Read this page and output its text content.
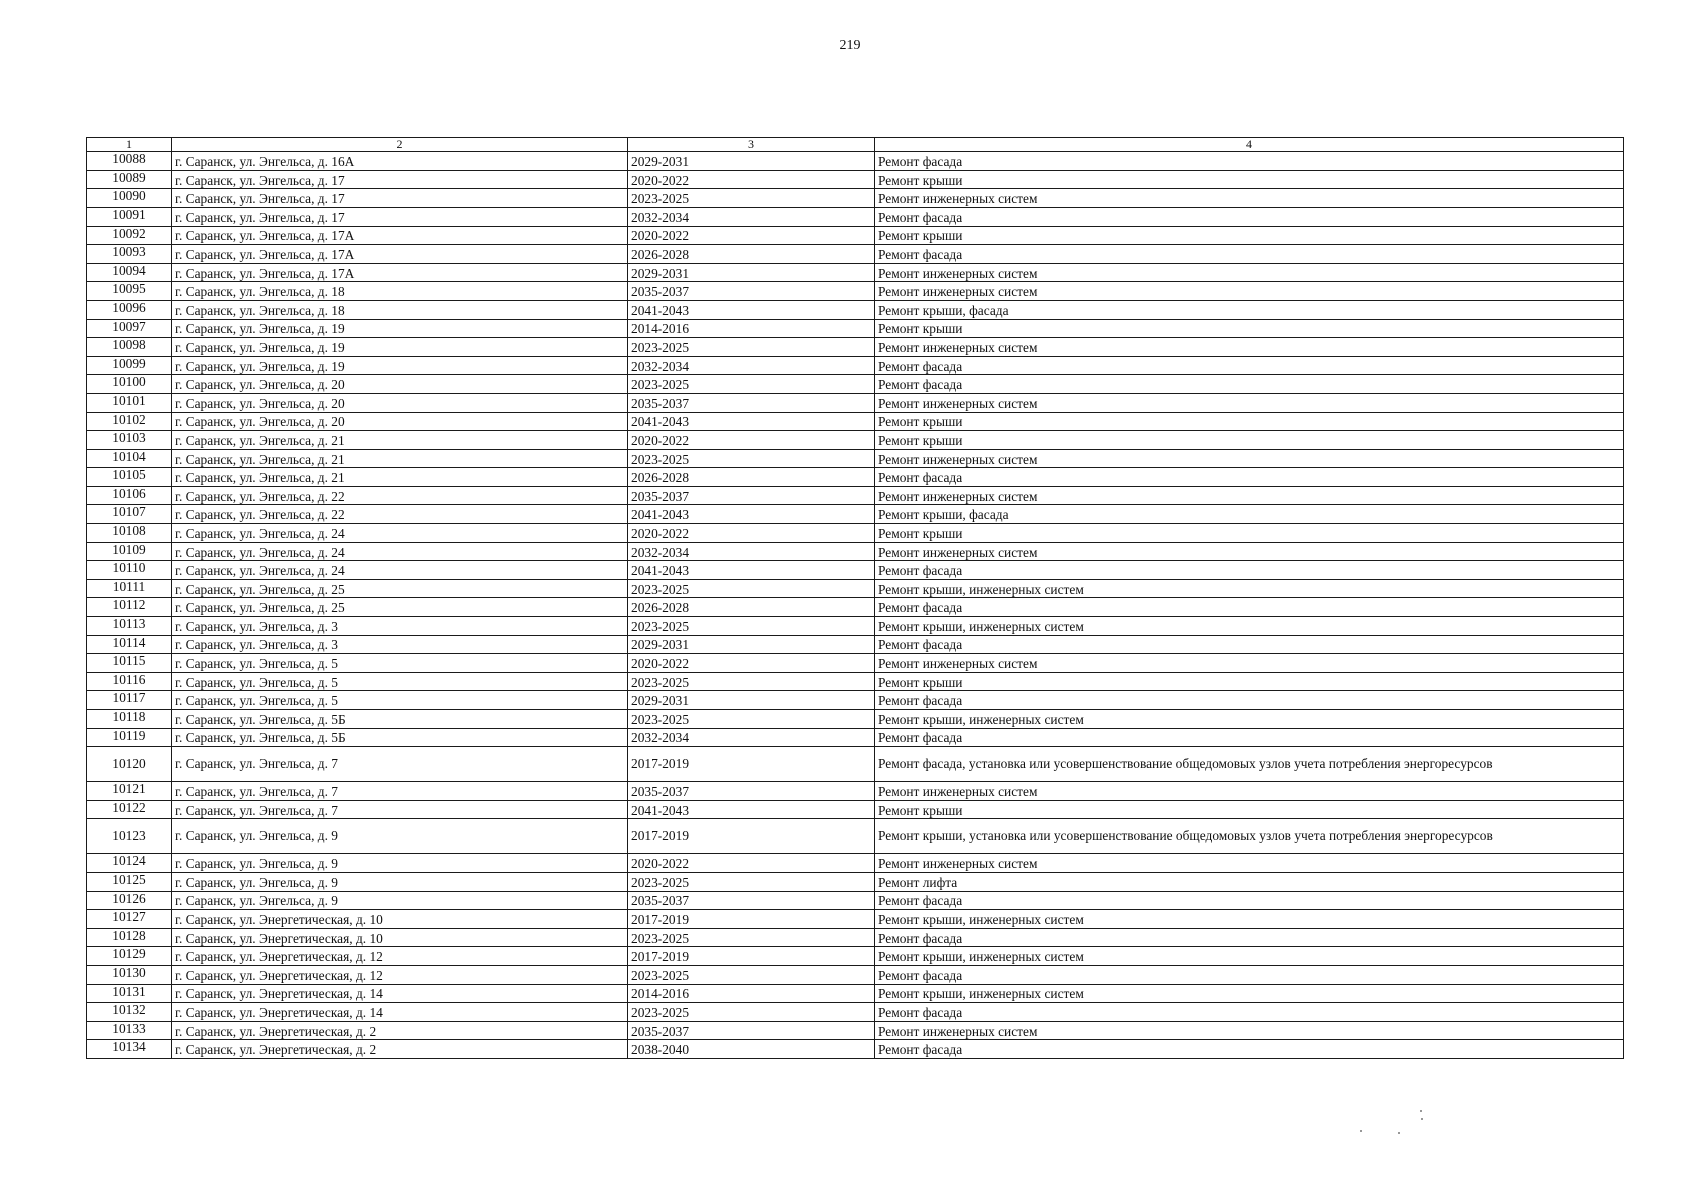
219
1	2	3	4
10088	г. Саранск, ул. Энгельса, д. 16А	2029-2031	Ремонт фасада
10089	г. Саранск, ул. Энгельса, д. 17	2020-2022	Ремонт крыши
10090	г. Саранск, ул. Энгельса, д. 17	2023-2025	Ремонт инженерных систем
10091	г. Саранск, ул. Энгельса, д. 17	2032-2034	Ремонт фасада
10092	г. Саранск, ул. Энгельса, д. 17А	2020-2022	Ремонт крыши
10093	г. Саранск, ул. Энгельса, д. 17А	2026-2028	Ремонт фасада
10094	г. Саранск, ул. Энгельса, д. 17А	2029-2031	Ремонт инженерных систем
10095	г. Саранск, ул. Энгельса, д. 18	2035-2037	Ремонт инженерных систем
10096	г. Саранск, ул. Энгельса, д. 18	2041-2043	Ремонт крыши, фасада
10097	г. Саранск, ул. Энгельса, д. 19	2014-2016	Ремонт крыши
10098	г. Саранск, ул. Энгельса, д. 19	2023-2025	Ремонт инженерных систем
10099	г. Саранск, ул. Энгельса, д. 19	2032-2034	Ремонт фасада
10100	г. Саранск, ул. Энгельса, д. 20	2023-2025	Ремонт фасада
10101	г. Саранск, ул. Энгельса, д. 20	2035-2037	Ремонт инженерных систем
10102	г. Саранск, ул. Энгельса, д. 20	2041-2043	Ремонт крыши
10103	г. Саранск, ул. Энгельса, д. 21	2020-2022	Ремонт крыши
10104	г. Саранск, ул. Энгельса, д. 21	2023-2025	Ремонт инженерных систем
10105	г. Саранск, ул. Энгельса, д. 21	2026-2028	Ремонт фасада
10106	г. Саранск, ул. Энгельса, д. 22	2035-2037	Ремонт инженерных систем
10107	г. Саранск, ул. Энгельса, д. 22	2041-2043	Ремонт крыши, фасада
10108	г. Саранск, ул. Энгельса, д. 24	2020-2022	Ремонт крыши
10109	г. Саранск, ул. Энгельса, д. 24	2032-2034	Ремонт инженерных систем
10110	г. Саранск, ул. Энгельса, д. 24	2041-2043	Ремонт фасада
10111	г. Саранск, ул. Энгельса, д. 25	2023-2025	Ремонт крыши, инженерных систем
10112	г. Саранск, ул. Энгельса, д. 25	2026-2028	Ремонт фасада
10113	г. Саранск, ул. Энгельса, д. 3	2023-2025	Ремонт крыши, инженерных систем
10114	г. Саранск, ул. Энгельса, д. 3	2029-2031	Ремонт фасада
10115	г. Саранск, ул. Энгельса, д. 5	2020-2022	Ремонт инженерных систем
10116	г. Саранск, ул. Энгельса, д. 5	2023-2025	Ремонт крыши
10117	г. Саранск, ул. Энгельса, д. 5	2029-2031	Ремонт фасада
10118	г. Саранск, ул. Энгельса, д. 5Б	2023-2025	Ремонт крыши, инженерных систем
10119	г. Саранск, ул. Энгельса, д. 5Б	2032-2034	Ремонт фасада
10120	г. Саранск, ул. Энгельса, д. 7	2017-2019	Ремонт фасада, установка или усовершенствование общедомовых узлов учета потребления энергоресурсов
10121	г. Саранск, ул. Энгельса, д. 7	2035-2037	Ремонт инженерных систем
10122	г. Саранск, ул. Энгельса, д. 7	2041-2043	Ремонт крыши
10123	г. Саранск, ул. Энгельса, д. 9	2017-2019	Ремонт крыши, установка или усовершенствование общедомовых узлов учета потребления энергоресурсов
10124	г. Саранск, ул. Энгельса, д. 9	2020-2022	Ремонт инженерных систем
10125	г. Саранск, ул. Энгельса, д. 9	2023-2025	Ремонт лифта
10126	г. Саранск, ул. Энгельса, д. 9	2035-2037	Ремонт фасада
10127	г. Саранск, ул. Энергетическая, д. 10	2017-2019	Ремонт крыши, инженерных систем
10128	г. Саранск, ул. Энергетическая, д. 10	2023-2025	Ремонт фасада
10129	г. Саранск, ул. Энергетическая, д. 12	2017-2019	Ремонт крыши, инженерных систем
10130	г. Саранск, ул. Энергетическая, д. 12	2023-2025	Ремонт фасада
10131	г. Саранск, ул. Энергетическая, д. 14	2014-2016	Ремонт крыши, инженерных систем
10132	г. Саранск, ул. Энергетическая, д. 14	2023-2025	Ремонт фасада
10133	г. Саранск, ул. Энергетическая, д. 2	2035-2037	Ремонт инженерных систем
10134	г. Саранск, ул. Энергетическая, д. 2	2038-2040	Ремонт фасада
